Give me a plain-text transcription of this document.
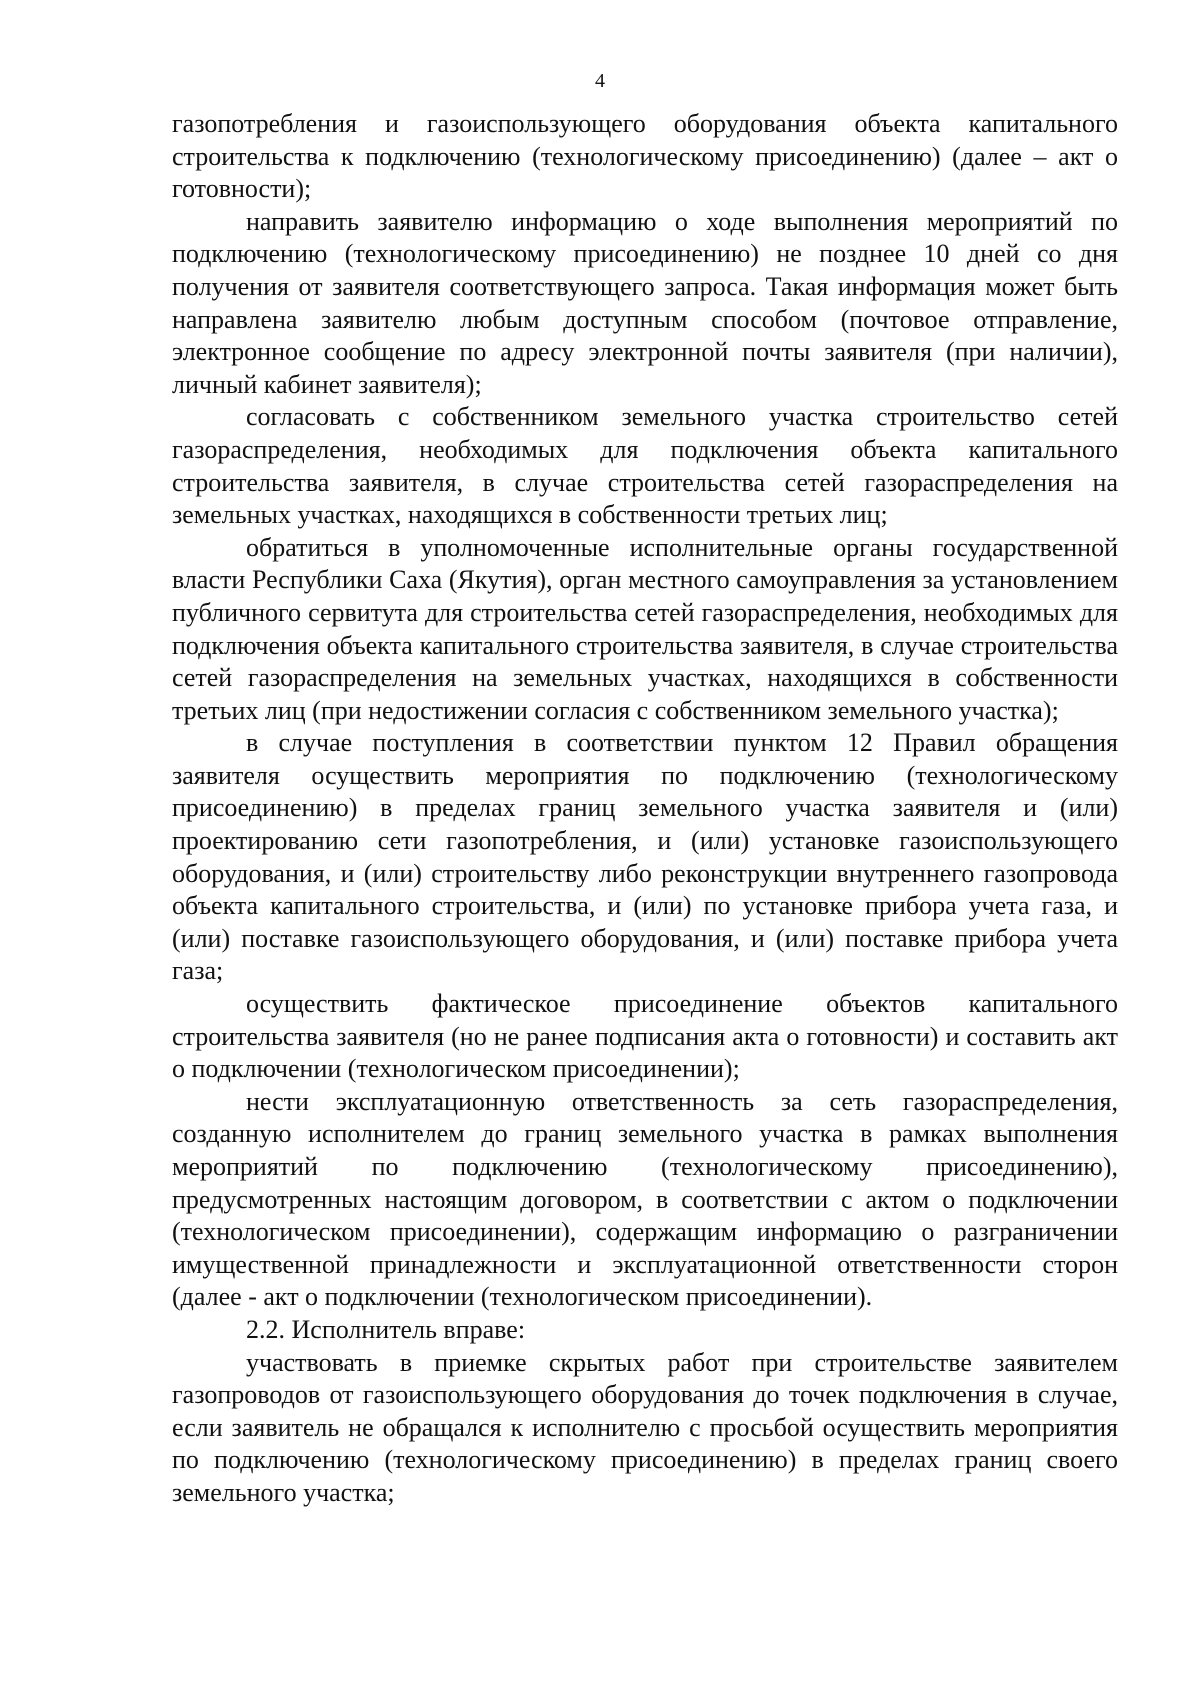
4

газопотребления и газоиспользующего оборудования объекта капитального строительства к подключению (технологическому присоединению) (далее – акт о готовности);

направить заявителю информацию о ходе выполнения мероприятий по подключению (технологическому присоединению) не позднее 10 дней со дня получения от заявителя соответствующего запроса. Такая информация может быть направлена заявителю любым доступным способом (почтовое отправление, электронное сообщение по адресу электронной почты заявителя (при наличии), личный кабинет заявителя);

согласовать с собственником земельного участка строительство сетей газораспределения, необходимых для подключения объекта капитального строительства заявителя, в случае строительства сетей газораспределения на земельных участках, находящихся в собственности третьих лиц;

обратиться в уполномоченные исполнительные органы государственной власти Республики Саха (Якутия), орган местного самоуправления за установлением публичного сервитута для строительства сетей газораспределения, необходимых для подключения объекта капитального строительства заявителя, в случае строительства сетей газораспределения на земельных участках, находящихся в собственности третьих лиц (при недостижении согласия с собственником земельного участка);

в случае поступления в соответствии пунктом 12 Правил обращения заявителя осуществить мероприятия по подключению (технологическому присоединению) в пределах границ земельного участка заявителя и (или) проектированию сети газопотребления, и (или) установке газоиспользующего оборудования, и (или) строительству либо реконструкции внутреннего газопровода объекта капитального строительства, и (или) по установке прибора учета газа, и (или) поставке газоиспользующего оборудования, и (или) поставке прибора учета газа;

осуществить фактическое присоединение объектов капитального строительства заявителя (но не ранее подписания акта о готовности) и составить акт о подключении (технологическом присоединении);

нести эксплуатационную ответственность за сеть газораспределения, созданную исполнителем до границ земельного участка в рамках выполнения мероприятий по подключению (технологическому присоединению), предусмотренных настоящим договором, в соответствии с актом о подключении (технологическом присоединении), содержащим информацию о разграничении имущественной принадлежности и эксплуатационной ответственности сторон (далее - акт о подключении (технологическом присоединении).

2.2. Исполнитель вправе:

участвовать в приемке скрытых работ при строительстве заявителем газопроводов от газоиспользующего оборудования до точек подключения в случае, если заявитель не обращался к исполнителю с просьбой осуществить мероприятия по подключению (технологическому присоединению) в пределах границ своего земельного участка;
